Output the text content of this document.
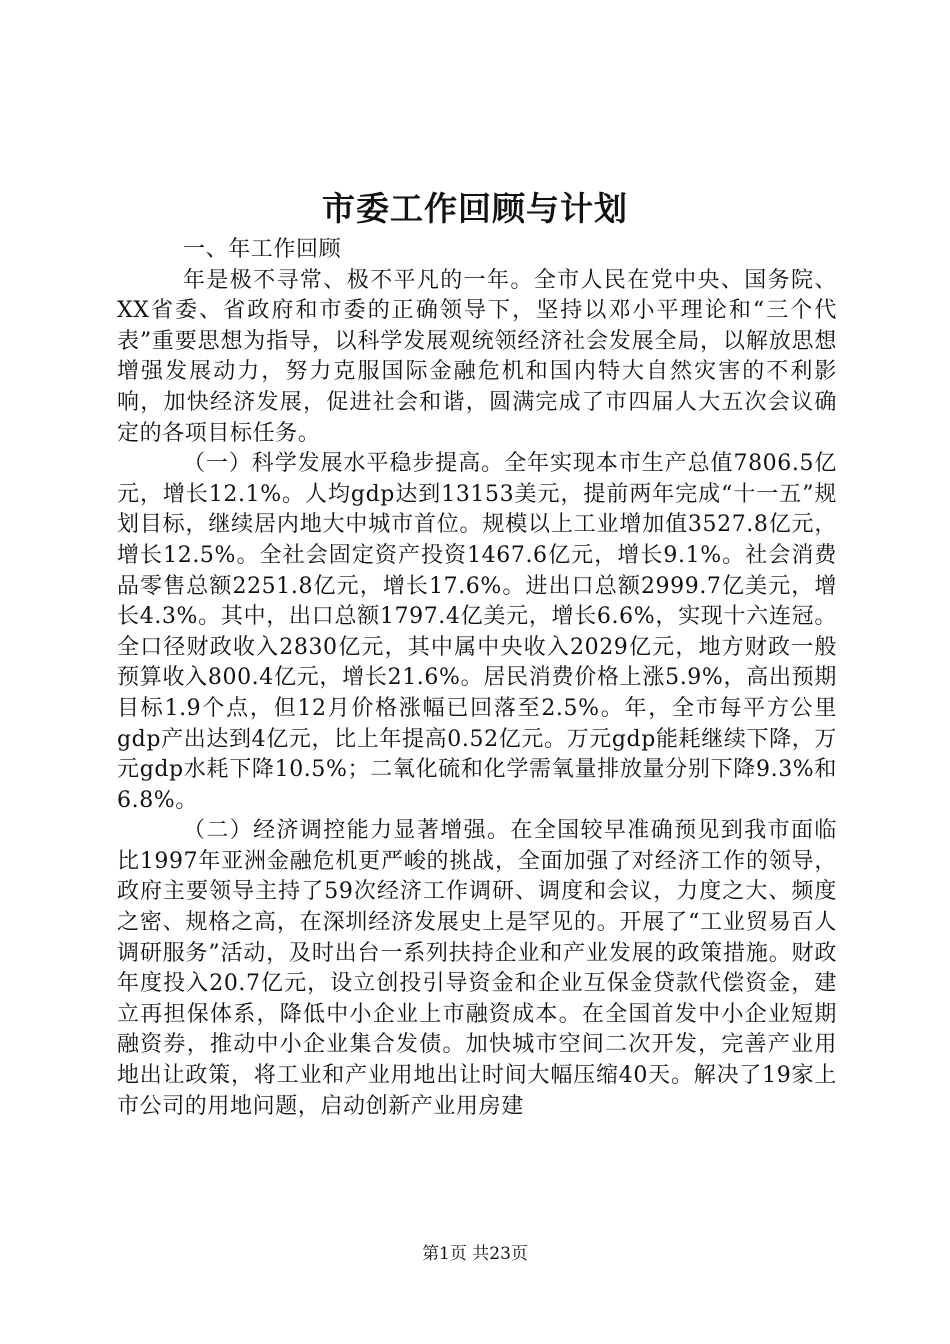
市委工作回顾与计划

一、年工作回顾

年是极不寻常、极不平凡的一年。全市人民在党中央、国务院、XX省委、省政府和市委的正确领导下，坚持以邓小平理论和“三个代表”重要思想为指导，以科学发展观统领经济社会发展全局，以解放思想增强发展动力，努力克服国际金融危机和国内特大自然灾害的不利影响，加快经济发展，促进社会和谐，圆满完成了市四届人大五次会议确定的各项目标任务。

（一）科学发展水平稳步提高。全年实现本市生产总值7806.5亿元，增长12.1%。人均gdp达到13153美元，提前两年完成“十一五”规划目标，继续居内地大中城市首位。规模以上工业增加值3527.8亿元，增长12.5%。全社会固定资产投资1467.6亿元，增长9.1%。社会消费品零售总额2251.8亿元，增长17.6%。进出口总额2999.7亿美元，增长4.3%。其中，出口总额1797.4亿美元，增长6.6%，实现十六连冠。全口径财政收入2830亿元，其中属中央收入2029亿元，地方财政一般预算收入800.4亿元，增长21.6%。居民消费价格上涨5.9%，高出预期目标1.9个点，但12月价格涨幅已回落至2.5%。年，全市每平方公里gdp产出达到4亿元，比上年提高0.52亿元。万元gdp能耗继续下降，万元gdp水耗下降10.5%；二氧化硫和化学需氧量排放量分别下降9.3%和6.8%。

（二）经济调控能力显著增强。在全国较早准确预见到我市面临比1997年亚洲金融危机更严峻的挑战，全面加强了对经济工作的领导，政府主要领导主持了59次经济工作调研、调度和会议，力度之大、频度之密、规格之高，在深圳经济发展史上是罕见的。开展了“工业贸易百人调研服务”活动，及时出台一系列扶持企业和产业发展的政策措施。财政年度投入20.7亿元，设立创投引导资金和企业互保金贷款代偿资金，建立再担保体系，降低中小企业上市融资成本。在全国首发中小企业短期融资券，推动中小企业集合发债。加快城市空间二次开发，完善产业用地出让政策，将工业和产业用地出让时间大幅压缩40天。解决了19家上市公司的用地问题，启动创新产业用房建

第1页 共23页
